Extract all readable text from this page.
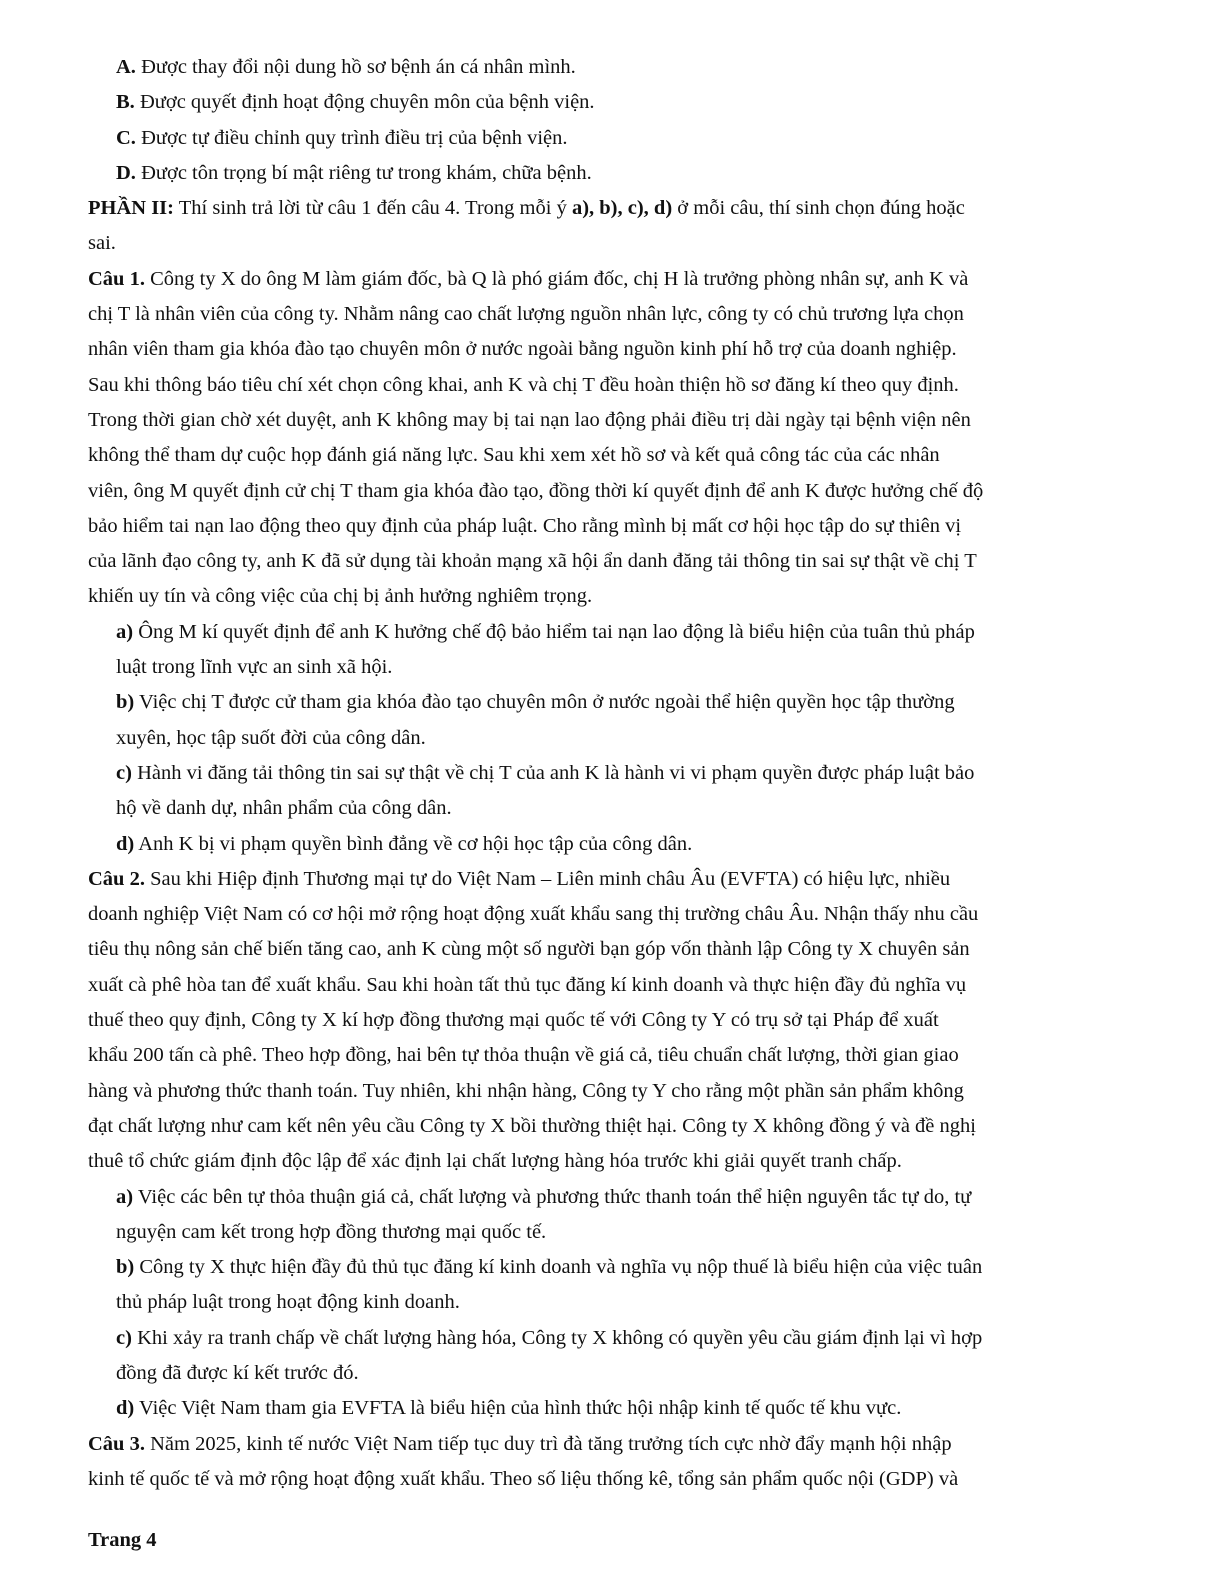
A. Được thay đổi nội dung hồ sơ bệnh án cá nhân mình.
B. Được quyết định hoạt động chuyên môn của bệnh viện.
C. Được tự điều chỉnh quy trình điều trị của bệnh viện.
D. Được tôn trọng bí mật riêng tư trong khám, chữa bệnh.
PHẦN II: Thí sinh trả lời từ câu 1 đến câu 4. Trong mỗi ý a), b), c), d) ở mỗi câu, thí sinh chọn đúng hoặc
sai.
Câu 1. Công ty X do ông M làm giám đốc, bà Q là phó giám đốc, chị H là trưởng phòng nhân sự, anh K và
chị T là nhân viên của công ty. Nhằm nâng cao chất lượng nguồn nhân lực, công ty có chủ trương lựa chọn
nhân viên tham gia khóa đào tạo chuyên môn ở nước ngoài bằng nguồn kinh phí hỗ trợ của doanh nghiệp.
Sau khi thông báo tiêu chí xét chọn công khai, anh K và chị T đều hoàn thiện hồ sơ đăng kí theo quy định.
Trong thời gian chờ xét duyệt, anh K không may bị tai nạn lao động phải điều trị dài ngày tại bệnh viện nên
không thể tham dự cuộc họp đánh giá năng lực. Sau khi xem xét hồ sơ và kết quả công tác của các nhân
viên, ông M quyết định cử chị T tham gia khóa đào tạo, đồng thời kí quyết định để anh K được hưởng chế độ
bảo hiểm tai nạn lao động theo quy định của pháp luật. Cho rằng mình bị mất cơ hội học tập do sự thiên vị
của lãnh đạo công ty, anh K đã sử dụng tài khoản mạng xã hội ẩn danh đăng tải thông tin sai sự thật về chị T
khiến uy tín và công việc của chị bị ảnh hưởng nghiêm trọng.
a) Ông M kí quyết định để anh K hưởng chế độ bảo hiểm tai nạn lao động là biểu hiện của tuân thủ pháp
luật trong lĩnh vực an sinh xã hội.
b) Việc chị T được cử tham gia khóa đào tạo chuyên môn ở nước ngoài thể hiện quyền học tập thường
xuyên, học tập suốt đời của công dân.
c) Hành vi đăng tải thông tin sai sự thật về chị T của anh K là hành vi vi phạm quyền được pháp luật bảo
hộ về danh dự, nhân phẩm của công dân.
d) Anh K bị vi phạm quyền bình đẳng về cơ hội học tập của công dân.
Câu 2. Sau khi Hiệp định Thương mại tự do Việt Nam – Liên minh châu Âu (EVFTA) có hiệu lực, nhiều
doanh nghiệp Việt Nam có cơ hội mở rộng hoạt động xuất khẩu sang thị trường châu Âu. Nhận thấy nhu cầu
tiêu thụ nông sản chế biến tăng cao, anh K cùng một số người bạn góp vốn thành lập Công ty X chuyên sản
xuất cà phê hòa tan để xuất khẩu. Sau khi hoàn tất thủ tục đăng kí kinh doanh và thực hiện đầy đủ nghĩa vụ
thuế theo quy định, Công ty X kí hợp đồng thương mại quốc tế với Công ty Y có trụ sở tại Pháp để xuất
khẩu 200 tấn cà phê. Theo hợp đồng, hai bên tự thỏa thuận về giá cả, tiêu chuẩn chất lượng, thời gian giao
hàng và phương thức thanh toán. Tuy nhiên, khi nhận hàng, Công ty Y cho rằng một phần sản phẩm không
đạt chất lượng như cam kết nên yêu cầu Công ty X bồi thường thiệt hại. Công ty X không đồng ý và đề nghị
thuê tổ chức giám định độc lập để xác định lại chất lượng hàng hóa trước khi giải quyết tranh chấp.
a) Việc các bên tự thỏa thuận giá cả, chất lượng và phương thức thanh toán thể hiện nguyên tắc tự do, tự
nguyện cam kết trong hợp đồng thương mại quốc tế.
b) Công ty X thực hiện đầy đủ thủ tục đăng kí kinh doanh và nghĩa vụ nộp thuế là biểu hiện của việc tuân
thủ pháp luật trong hoạt động kinh doanh.
c) Khi xảy ra tranh chấp về chất lượng hàng hóa, Công ty X không có quyền yêu cầu giám định lại vì hợp
đồng đã được kí kết trước đó.
d) Việc Việt Nam tham gia EVFTA là biểu hiện của hình thức hội nhập kinh tế quốc tế khu vực.
Câu 3. Năm 2025, kinh tế nước Việt Nam tiếp tục duy trì đà tăng trưởng tích cực nhờ đẩy mạnh hội nhập
kinh tế quốc tế và mở rộng hoạt động xuất khẩu. Theo số liệu thống kê, tổng sản phẩm quốc nội (GDP) và
Trang 4
